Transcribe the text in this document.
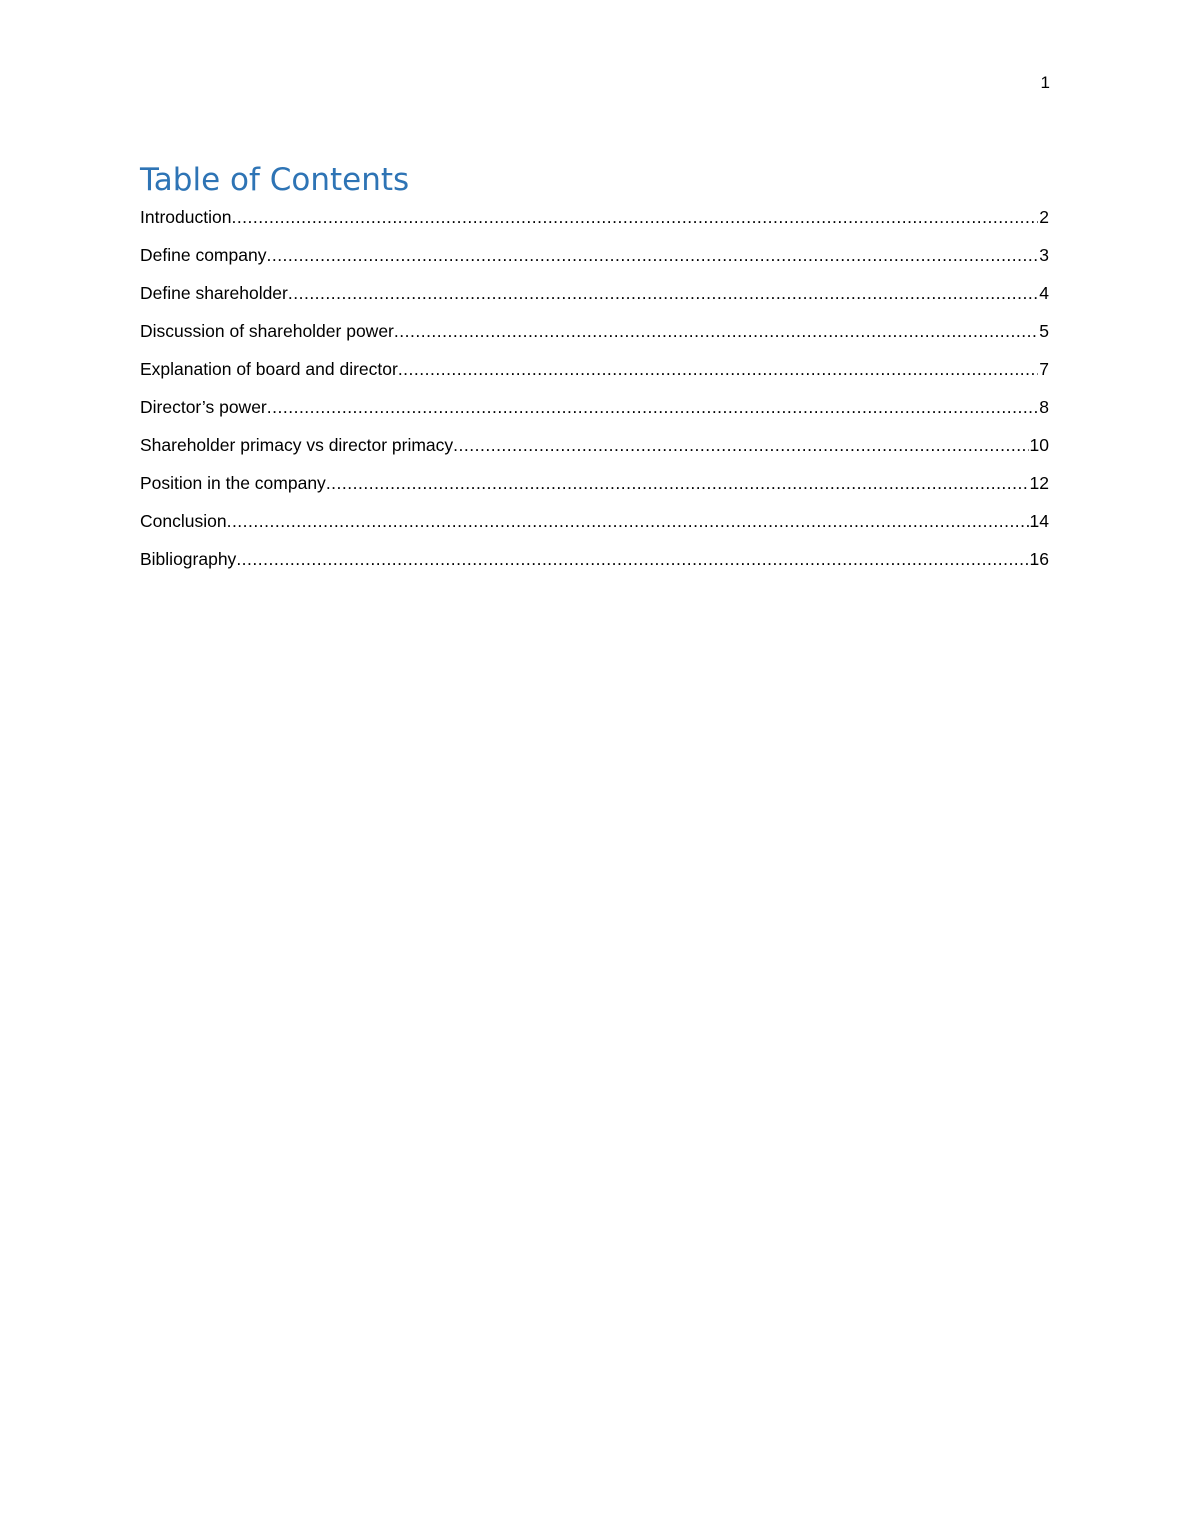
1
Table of Contents
Introduction .....	2
Define company .....	3
Define shareholder .....	4
Discussion of shareholder power .....	5
Explanation of board and director .....	7
Director’s power .....	8
Shareholder primacy vs director primacy .....	10
Position in the company .....	12
Conclusion .....	14
Bibliography .....	16
